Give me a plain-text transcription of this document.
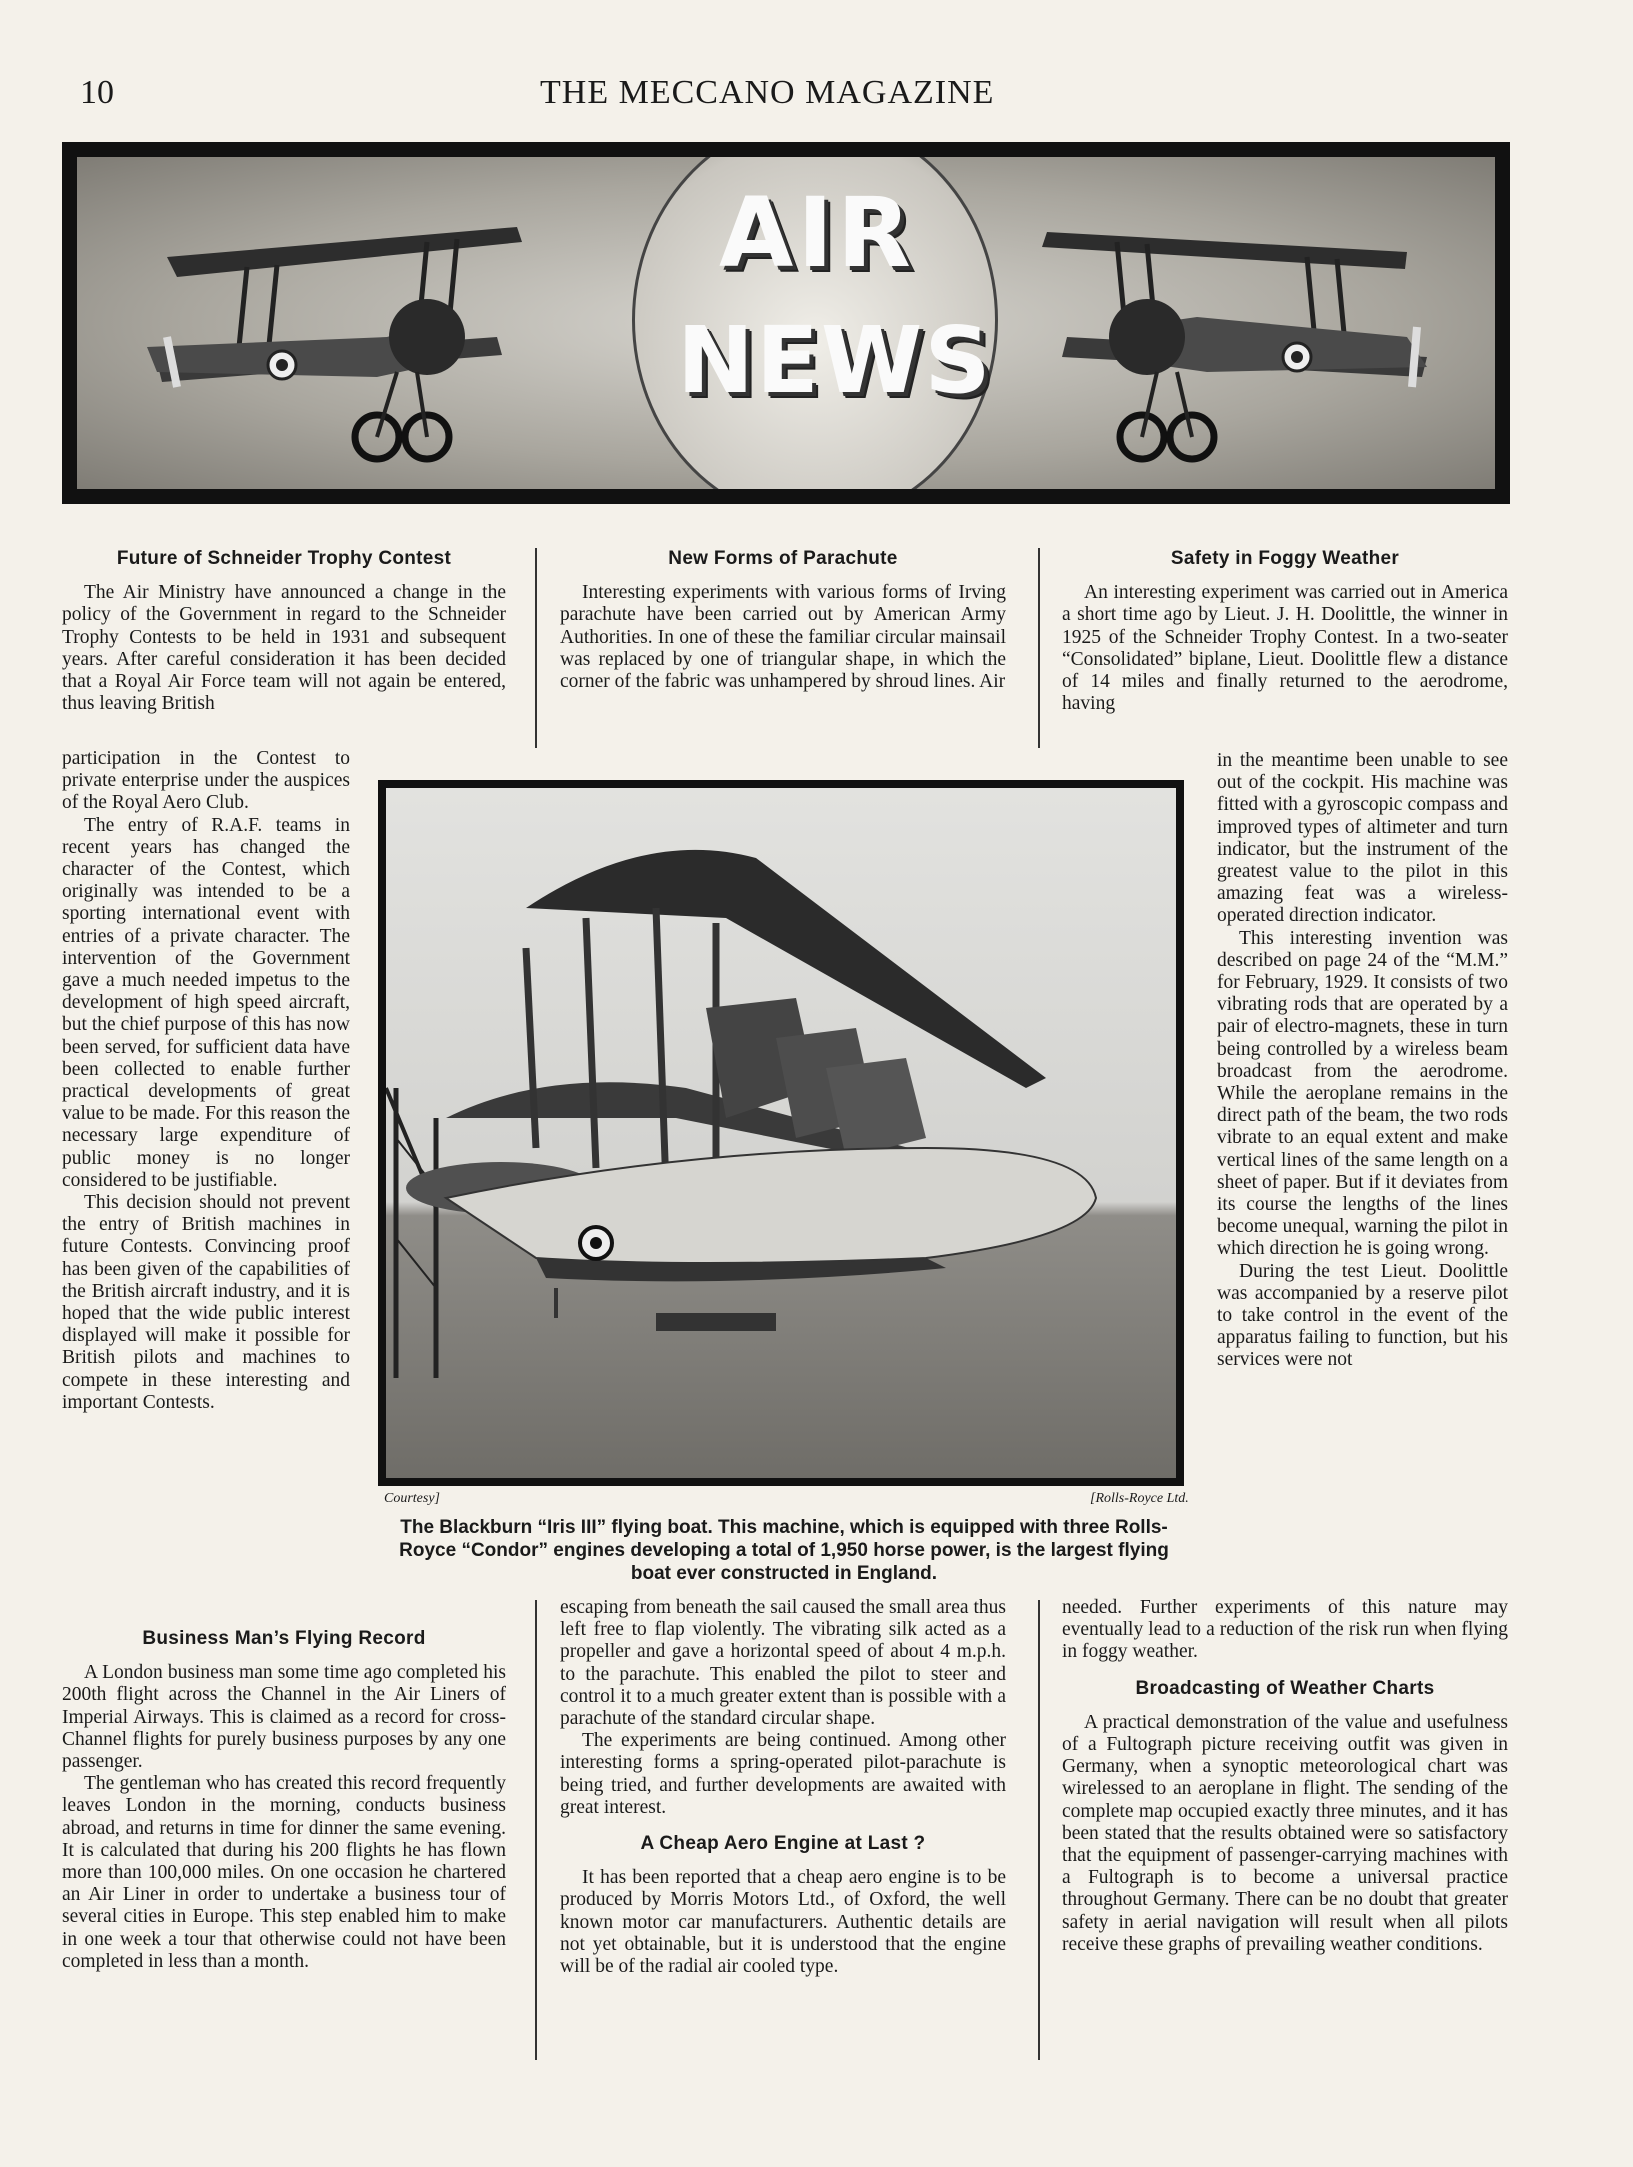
10	THE MECCANO MAGAZINE
AIR
NEWS
Future of Schneider Trophy Contest

The Air Ministry have announced a change in the policy of the Government in regard to the Schneider Trophy Contests to be held in 1931 and subsequent years. After careful consideration it has been decided that a Royal Air Force team will not again be entered, thus leaving British

participation in the Contest to private enterprise under the auspices of the Royal Aero Club.

The entry of R.A.F. teams in recent years has changed the character of the Contest, which originally was intended to be a sporting international event with entries of a private character. The intervention of the Government gave a much needed impetus to the development of high speed aircraft, but the chief purpose of this has now been served, for sufficient data have been collected to enable further practical developments of great value to be made. For this reason the necessary large expenditure of public money is no longer considered to be justifiable.

This decision should not prevent the entry of British machines in future Contests. Convincing proof has been given of the capabilities of the British aircraft industry, and it is hoped that the wide public interest displayed will make it possible for British pilots and machines to compete in these interesting and important Contests.

Business Man’s Flying Record

A London business man some time ago completed his 200th flight across the Channel in the Air Liners of Imperial Airways. This is claimed as a record for cross-Channel flights for purely business purposes by any one passenger.

The gentleman who has created this record frequently leaves London in the morning, conducts business abroad, and returns in time for dinner the same evening. It is calculated that during his 200 flights he has flown more than 100,000 miles. On one occasion he chartered an Air Liner in order to undertake a business tour of several cities in Europe. This step enabled him to make in one week a tour that otherwise could not have been completed in less than a month.

New Forms of Parachute

Interesting experiments with various forms of Irving parachute have been carried out by American Army Authorities. In one of these the familiar circular mainsail was replaced by one of triangular shape, in which the corner of the fabric was unhampered by shroud lines. Air

escaping from beneath the sail caused the small area thus left free to flap violently. The vibrating silk acted as a propeller and gave a horizontal speed of about 4 m.p.h. to the parachute. This enabled the pilot to steer and control it to a much greater extent than is possible with a parachute of the standard circular shape.

The experiments are being continued. Among other interesting forms a spring-operated pilot-parachute is being tried, and further developments are awaited with great interest.

A Cheap Aero Engine at Last ?

It has been reported that a cheap aero engine is to be produced by Morris Motors Ltd., of Oxford, the well known motor car manufacturers. Authentic details are not yet obtainable, but it is understood that the engine will be of the radial air cooled type.

Safety in Foggy Weather

An interesting experiment was carried out in America a short time ago by Lieut. J. H. Doolittle, the winner in 1925 of the Schneider Trophy Contest. In a two-seater “Consolidated” biplane, Lieut. Doolittle flew a distance of 14 miles and finally returned to the aerodrome, having

in the meantime been unable to see out of the cockpit. His machine was fitted with a gyroscopic compass and improved types of altimeter and turn indicator, but the instrument of the greatest value to the pilot in this amazing feat was a wireless-operated direction indicator.

This interesting invention was described on page 24 of the “M.M.” for February, 1929. It consists of two vibrating rods that are operated by a pair of electro-magnets, these in turn being controlled by a wireless beam broadcast from the aerodrome. While the aeroplane remains in the direct path of the beam, the two rods vibrate to an equal extent and make vertical lines of the same length on a sheet of paper. But if it deviates from its course the lengths of the lines become unequal, warning the pilot in which direction he is going wrong.

During the test Lieut. Doolittle was accompanied by a reserve pilot to take control in the event of the apparatus failing to function, but his services were not

needed. Further experiments of this nature may eventually lead to a reduction of the risk run when flying in foggy weather.

Broadcasting of Weather Charts

A practical demonstration of the value and usefulness of a Fultograph picture receiving outfit was given in Germany, when a synoptic meteorological chart was wirelessed to an aeroplane in flight. The sending of the complete map occupied exactly three minutes, and it has been stated that the results obtained were so satisfactory that the equipment of passenger-carrying machines with a Fultograph is to become a universal practice throughout Germany. There can be no doubt that greater safety in aerial navigation will result when all pilots receive these graphs of prevailing weather conditions.

Courtesy]	[Rolls-Royce Ltd.
The Blackburn “Iris III” flying boat. This machine, which is equipped with three Rolls-Royce “Condor” engines developing a total of 1,950 horse power, is the largest flying boat ever constructed in England.
